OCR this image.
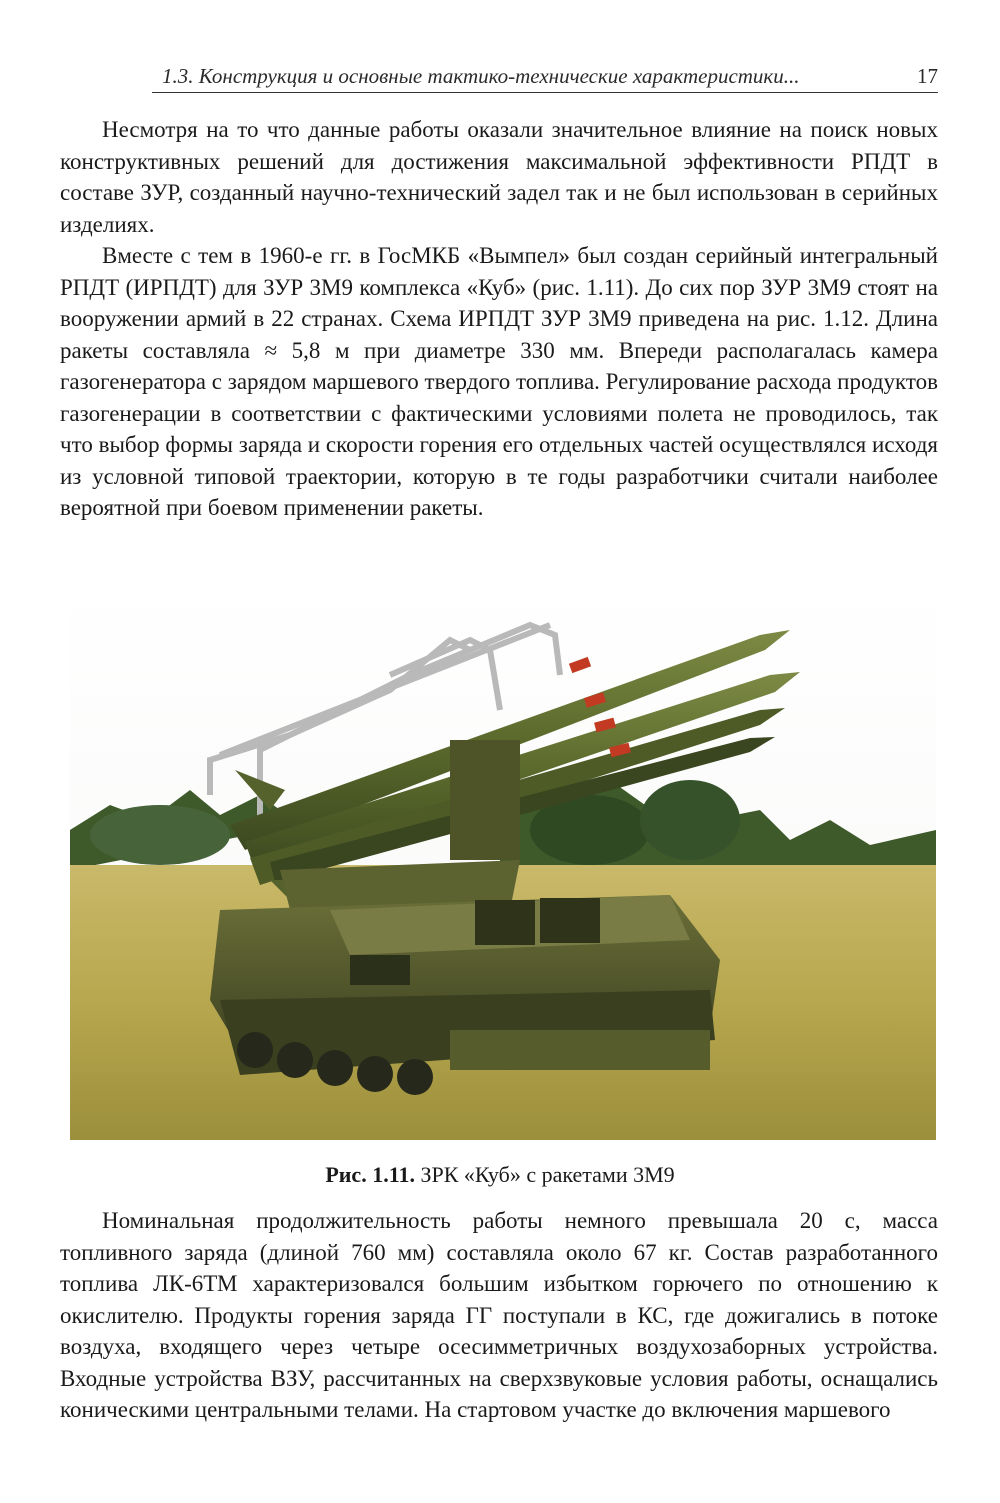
1.3. Конструкция и основные тактико-технические характеристики...	17

Несмотря на то что данные работы оказали значительное влияние на поиск новых конструктивных решений для достижения максимальной эффективности РПДТ в составе ЗУР, созданный научно-технический задел так и не был использован в серийных изделиях.

Вместе с тем в 1960-е гг. в ГосМКБ «Вымпел» был создан серийный интегральный РПДТ (ИРПДТ) для ЗУР 3М9 комплекса «Куб» (рис. 1.11). До сих пор ЗУР 3М9 стоят на вооружении армий в 22 странах. Схема ИРПДТ ЗУР 3М9 приведена на рис. 1.12. Длина ракеты составляла ≈ 5,8 м при диаметре 330 мм. Впереди располагалась камера газогенератора с зарядом маршевого твердого топлива. Регулирование расхода продуктов газогенерации в соответствии с фактическими условиями полета не проводилось, так что выбор формы заряда и скорости горения его отдельных частей осуществлялся исходя из условной типовой траектории, которую в те годы разработчики считали наиболее вероятной при боевом применении ракеты.

Рис. 1.11. ЗРК «Куб» с ракетами 3М9

Номинальная продолжительность работы немного превышала 20 с, масса топливного заряда (длиной 760 мм) составляла около 67 кг. Состав разработанного топлива ЛК-6ТМ характеризовался большим избытком горючего по отношению к окислителю. Продукты горения заряда ГГ поступали в КС, где дожигались в потоке воздуха, входящего через четыре осесимметричных воздухозаборных устройства. Входные устройства ВЗУ, рассчитанных на сверхзвуковые условия работы, оснащались коническими центральными телами. На стартовом участке до включения маршевого
